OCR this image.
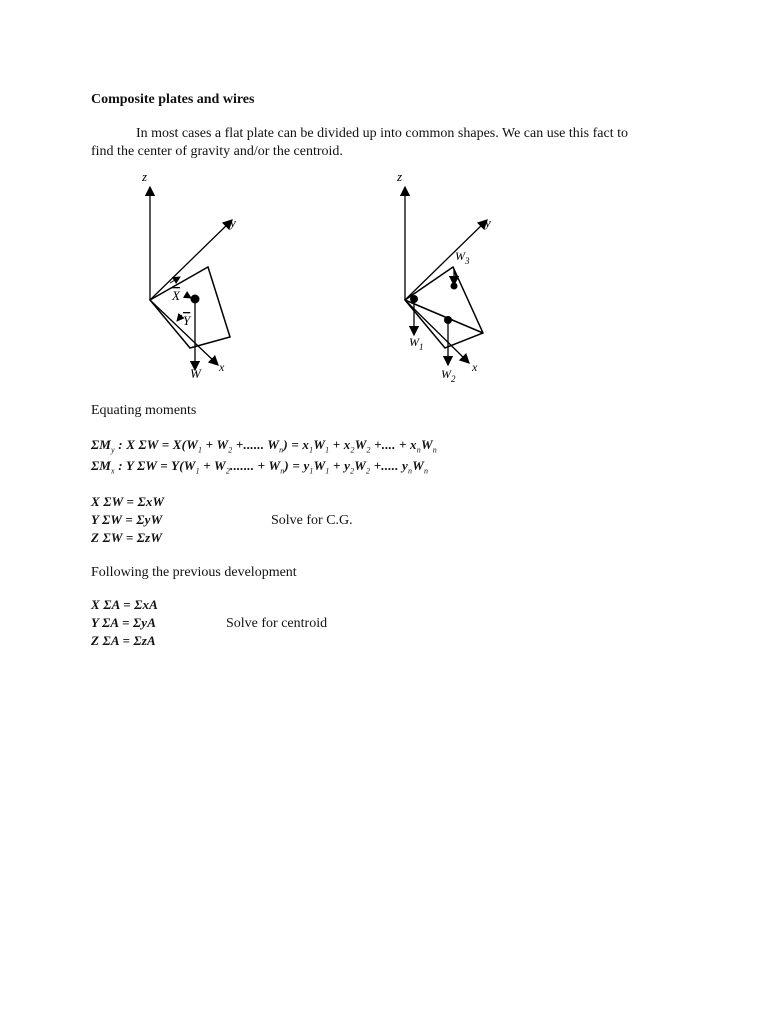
Composite plates and wires
In most cases a flat plate can be divided up into common shapes. We can use this fact to
find the center of gravity and/or the centroid.
z
y
x
X
Y
W
z
y
x
$W_3$
$W_1$
$W_2$
Equating moments
$\Sigma M_y$ : X $\Sigma W = X(W_1 + W_2$ +...... $W_n) = x_1W_1 + x_2W_2$ +.... + $x_nW_n$
$\Sigma M_x$ : Y $\Sigma W = Y(W_1 + W_2$....... + $W_n) = y_1W_1 + y_2W_2$ +..... $y_nW_n$
X ΣW = ΣxW
Y ΣW = ΣyW
Z ΣW = ΣzW
Solve for C.G.
Following the previous development
X ΣA = ΣxA
Y ΣA = ΣyA
Z ΣA = ΣzA
Solve for centroid
